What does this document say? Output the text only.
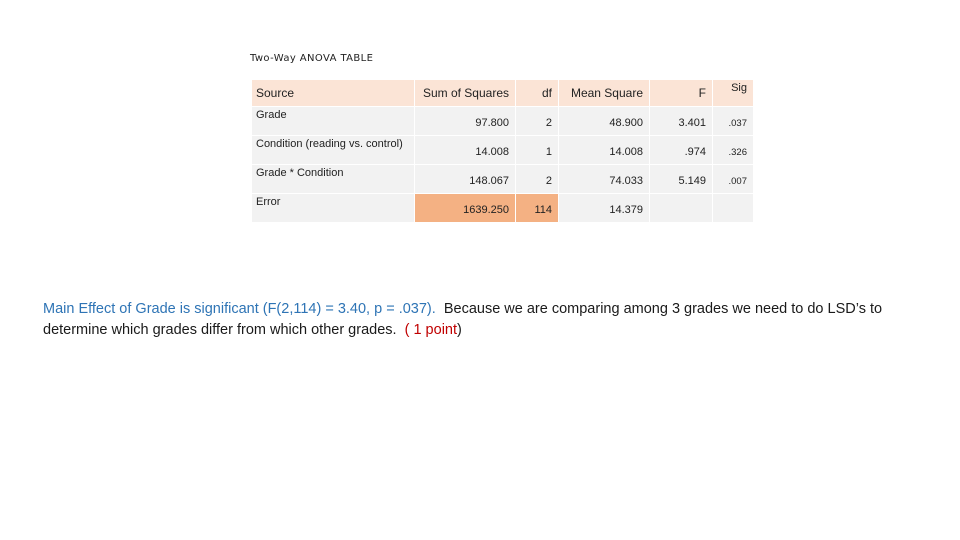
Two-Way ANOVA TABLE
Source	Sum of Squares	df	Mean Square	F	Sig
Grade	97.800	2	48.900	3.401	.037
Condition (reading vs. control)	14.008	1	14.008	.974	.326
Grade * Condition	148.067	2	74.033	5.149	.007
Error	1639.250	114	14.379		

Main Effect of Grade is significant (F(2,114) = 3.40, p = .037). Because we are comparing among 3 grades we need to do LSD’s to determine which grades differ from which other grades. ( 1 point)
